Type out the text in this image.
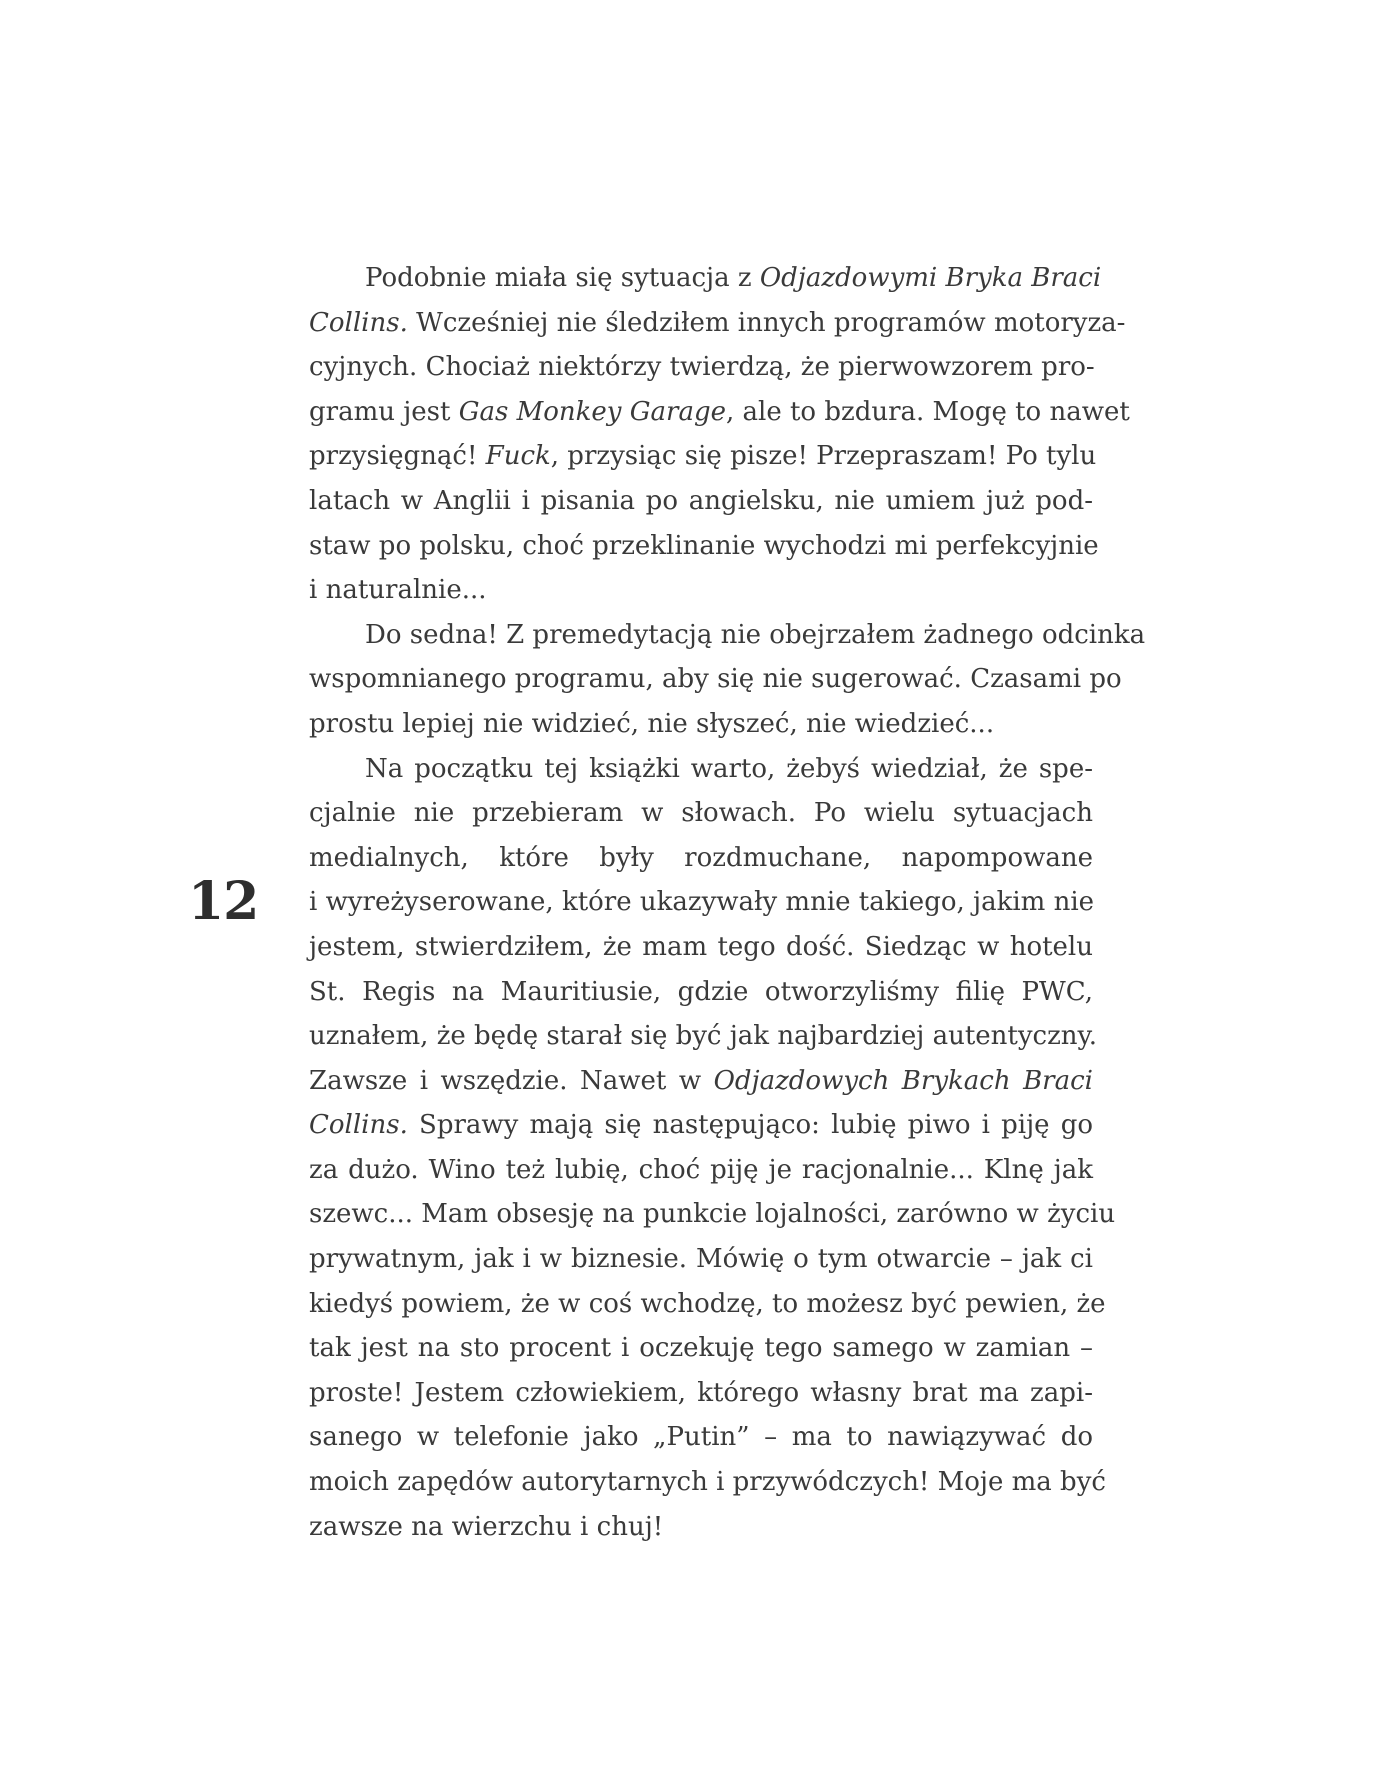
12
Podobnie miała się sytuacja z Odjazdowymi Bryka Braci
Collins. Wcześniej nie śledziłem innych programów motoryza-
cyjnych. Chociaż niektórzy twierdzą, że pierwowzorem pro-
gramu jest Gas Monkey Garage, ale to bzdura. Mogę to nawet
przysięgnąć! Fuck, przysiąc się pisze! Przepraszam! Po tylu
latach w Anglii i pisania po angielsku, nie umiem już pod-
staw po polsku, choć przeklinanie wychodzi mi perfekcyjnie
i naturalnie...
Do sedna! Z premedytacją nie obejrzałem żadnego odcinka
wspomnianego programu, aby się nie sugerować. Czasami po
prostu lepiej nie widzieć, nie słyszeć, nie wiedzieć...
Na początku tej książki warto, żebyś wiedział, że spe-
cjalnie nie przebieram w słowach. Po wielu sytuacjach
medialnych, które były rozdmuchane, napompowane
i wyreżyserowane, które ukazywały mnie takiego, jakim nie
jestem, stwierdziłem, że mam tego dość. Siedząc w hotelu
St. Regis na Mauritiusie, gdzie otworzyliśmy filię PWC,
uznałem, że będę starał się być jak najbardziej autentyczny.
Zawsze i wszędzie. Nawet w Odjazdowych Brykach Braci
Collins. Sprawy mają się następująco: lubię piwo i piję go
za dużo. Wino też lubię, choć piję je racjonalnie... Klnę jak
szewc... Mam obsesję na punkcie lojalności, zarówno w życiu
prywatnym, jak i w biznesie. Mówię o tym otwarcie – jak ci
kiedyś powiem, że w coś wchodzę, to możesz być pewien, że
tak jest na sto procent i oczekuję tego samego w zamian –
proste! Jestem człowiekiem, którego własny brat ma zapi-
sanego w telefonie jako „Putin” – ma to nawiązywać do
moich zapędów autorytarnych i przywódczych! Moje ma być
zawsze na wierzchu i chuj!
